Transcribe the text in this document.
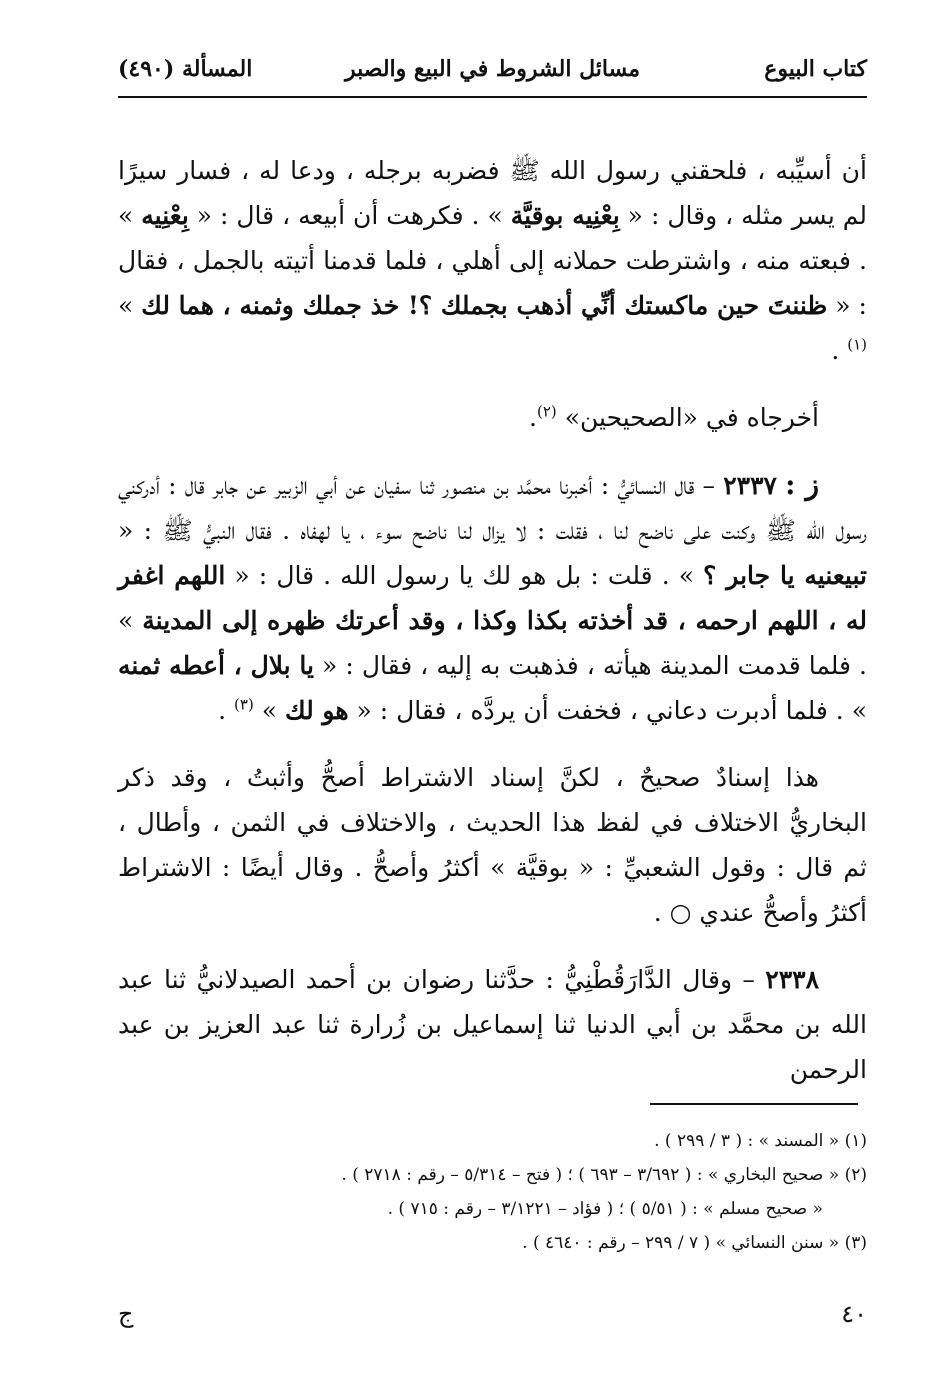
كتاب البيوع
مسائل الشروط في البيع والصبر
المسألة (٤٩٠)

أن أسيِّبه ، فلحقني رسول الله ﷺ فضربه برجله ، ودعا له ، فسار سيرًا لم يسر مثله ، وقال : « بِعْنِيه بوقيَّة » . فكرهت أن أبيعه ، قال : « بِعْنِيه » . فبعته منه ، واشترطت حملانه إلى أهلي ، فلما قدمنا أتيته بالجمل ، فقال : « ظننتَ حين ماكستك أنِّي أذهب بجملك ؟! خذ جملك وثمنه ، هما لك » $^{(١)}$ .

أخرجاه في «الصحيحين» $^{(٢)}$.

ز : ٢٣٣٧ – قال النسائيُّ : أخبرنا محمَّد بن منصور ثنا سفيان عن أبي الزبير عن جابر قال : أدركني رسول الله ﷺ وكنت على ناضح لنا ، فقلت : لا يزال لنا ناضح سوء ، يا لهفاه . فقال النبيُّ ﷺ : « تبيعنيه يا جابر ؟ » . قلت : بل هو لك يا رسول الله . قال : « اللهم اغفر له ، اللهم ارحمه ، قد أخذته بكذا وكذا ، وقد أعرتك ظهره إلى المدينة » . فلما قدمت المدينة هيأته ، فذهبت به إليه ، فقال : « يا بلال ، أعطه ثمنه » . فلما أدبرت دعاني ، فخفت أن يردَّه ، فقال : « هو لك » $^{(٣)}$ .

هذا إسنادٌ صحيحٌ ، لكنَّ إسناد الاشتراط أصحُّ وأثبتُ ، وقد ذكر البخاريُّ الاختلاف في لفظ هذا الحديث ، والاختلاف في الثمن ، وأطال ، ثم قال : وقول الشعبيِّ : « بوقيَّة » أكثرُ وأصحُّ . وقال أيضًا : الاشتراط أكثرُ وأصحُّ عندي ○ .

٢٣٣٨ – وقال الدَّارَقُطْنِيُّ : حدَّثنا رضوان بن أحمد الصيدلانيُّ ثنا عبد الله بن محمَّد بن أبي الدنيا ثنا إسماعيل بن زُرارة ثنا عبد العزيز بن عبد الرحمن

(١) « المسند » : ( ٣ / ٢٩٩ ) .
(٢) « صحيح البخاري » : ( ٣/٦٩٢ – ٦٩٣ ) ؛ ( فتح – ٥/٣١٤ – رقم : ٢٧١٨ ) .
« صحيح مسلم » : ( ٥/٥١ ) ؛ ( فؤاد – ٣/١٢٢١ – رقم : ٧١٥ ) .
(٣) « سنن النسائي » ( ٧ / ٢٩٩ – رقم : ٤٦٤٠ ) .
٤٠
ج
